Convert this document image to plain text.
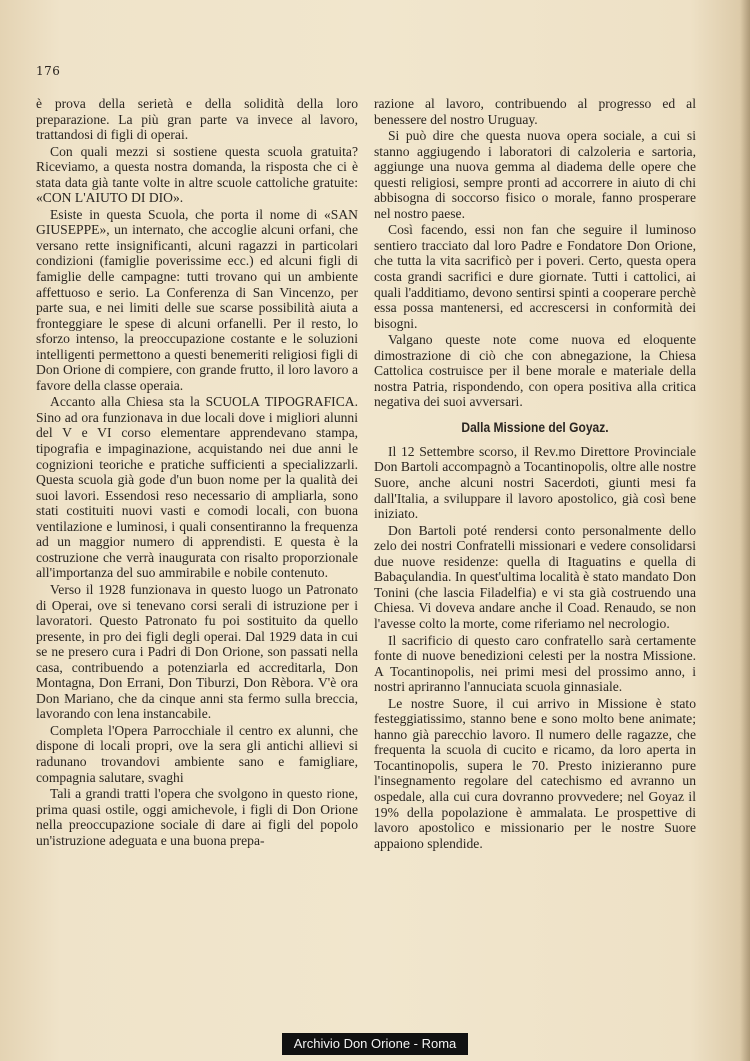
176

è prova della serietà e della solidità della loro preparazione. La più gran parte va invece al lavoro, trattandosi di figli di operai.

Con quali mezzi si sostiene questa scuola gratuita? Riceviamo, a questa nostra domanda, la risposta che ci è stata data già tante volte in altre scuole cattoliche gratuite: «CON L'AIUTO DI DIO».

Esiste in questa Scuola, che porta il nome di «SAN GIUSEPPE», un internato, che accoglie alcuni orfani, che versano rette insignificanti, alcuni ragazzi in particolari condizioni (famiglie poverissime ecc.) ed alcuni figli di famiglie delle campagne: tutti trovano qui un ambiente affettuoso e serio. La Conferenza di San Vincenzo, per parte sua, e nei limiti delle sue scarse possibilità aiuta a fronteggiare le spese di alcuni orfanelli. Per il resto, lo sforzo intenso, la preoccupazione costante e le soluzioni intelligenti permettono a questi benemeriti religiosi figli di Don Orione di compiere, con grande frutto, il loro lavoro a favore della classe operaia.

Accanto alla Chiesa sta la SCUOLA TIPOGRAFICA. Sino ad ora funzionava in due locali dove i migliori alunni del V e VI corso elementare apprendevano stampa, tipografia e impaginazione, acquistando nei due anni le cognizioni teoriche e pratiche sufficienti a specializzarli. Questa scuola già gode d'un buon nome per la qualità dei suoi lavori. Essendosi reso necessario di ampliarla, sono stati costituiti nuovi vasti e comodi locali, con buona ventilazione e luminosi, i quali consentiranno la frequenza ad un maggior numero di apprendisti. E questa è la costruzione che verrà inaugurata con risalto proporzionale all'importanza del suo ammirabile e nobile contenuto.

Verso il 1928 funzionava in questo luogo un Patronato di Operai, ove si tenevano corsi serali di istruzione per i lavoratori. Questo Patronato fu poi sostituito da quello presente, in pro dei figli degli operai. Dal 1929 data in cui se ne presero cura i Padri di Don Orione, son passati nella casa, contribuendo a potenziarla ed accreditarla, Don Montagna, Don Errani, Don Tiburzi, Don Rèbora. V'è ora Don Mariano, che da cinque anni sta fermo sulla breccia, lavorando con lena instancabile.

Completa l'Opera Parrocchiale il centro ex alunni, che dispone di locali propri, ove la sera gli antichi allievi si radunano trovandovi ambiente sano e famigliare, compagnia salutare, svaghi

Tali a grandi tratti l'opera che svolgono in questo rione, prima quasi ostile, oggi amichevole, i figli di Don Orione nella preoccupazione sociale di dare ai figli del popolo un'istruzione adeguata e una buona prepa-

razione al lavoro, contribuendo al progresso ed al benessere del nostro Uruguay.

Si può dire che questa nuova opera sociale, a cui si stanno aggiugendo i laboratori di calzoleria e sartoria, aggiunge una nuova gemma al diadema delle opere che questi religiosi, sempre pronti ad accorrere in aiuto di chi abbisogna di soccorso fisico o morale, fanno prosperare nel nostro paese.

Così facendo, essi non fan che seguire il luminoso sentiero tracciato dal loro Padre e Fondatore Don Orione, che tutta la vita sacrificò per i poveri. Certo, questa opera costa grandi sacrifici e dure giornate. Tutti i cattolici, ai quali l'additiamo, devono sentirsi spinti a cooperare perchè essa possa mantenersi, ed accrescersi in conformità dei bisogni.

Valgano queste note come nuova ed eloquente dimostrazione di ciò che con abnegazione, la Chiesa Cattolica costruisce per il bene morale e materiale della nostra Patria, rispondendo, con opera positiva alla critica negativa dei suoi avversari.

Dalla Missione del Goyaz.

Il 12 Settembre scorso, il Rev.mo Direttore Provinciale Don Bartoli accompagnò a Tocantinopolis, oltre alle nostre Suore, anche alcuni nostri Sacerdoti, giunti mesi fa dall'Italia, a sviluppare il lavoro apostolico, già così bene iniziato.

Don Bartoli poté rendersi conto personalmente dello zelo dei nostri Confratelli missionari e vedere consolidarsi due nuove residenze: quella di Itaguatins e quella di Babaçulandia. In quest'ultima località è stato mandato Don Tonini (che lascia Filadelfia) e vi sta già costruendo una Chiesa. Vi doveva andare anche il Coad. Renaudo, se non l'avesse colto la morte, come riferiamo nel necrologio.

Il sacrificio di questo caro confratello sarà certamente fonte di nuove benedizioni celesti per la nostra Missione. A Tocantinopolis, nei primi mesi del prossimo anno, i nostri apriranno l'annuciata scuola ginnasiale.

Le nostre Suore, il cui arrivo in Missione è stato festeggiatissimo, stanno bene e sono molto bene animate; hanno già parecchio lavoro. Il numero delle ragazze, che frequenta la scuola di cucito e ricamo, da loro aperta in Tocantinopolis, supera le 70. Presto inizieranno pure l'insegnamento regolare del catechismo ed avranno un ospedale, alla cui cura dovranno provvedere; nel Goyaz il 19% della popolazione è ammalata. Le prospettive di lavoro apostolico e missionario per le nostre Suore appaiono splendide.

Archivio Don Orione - Roma
